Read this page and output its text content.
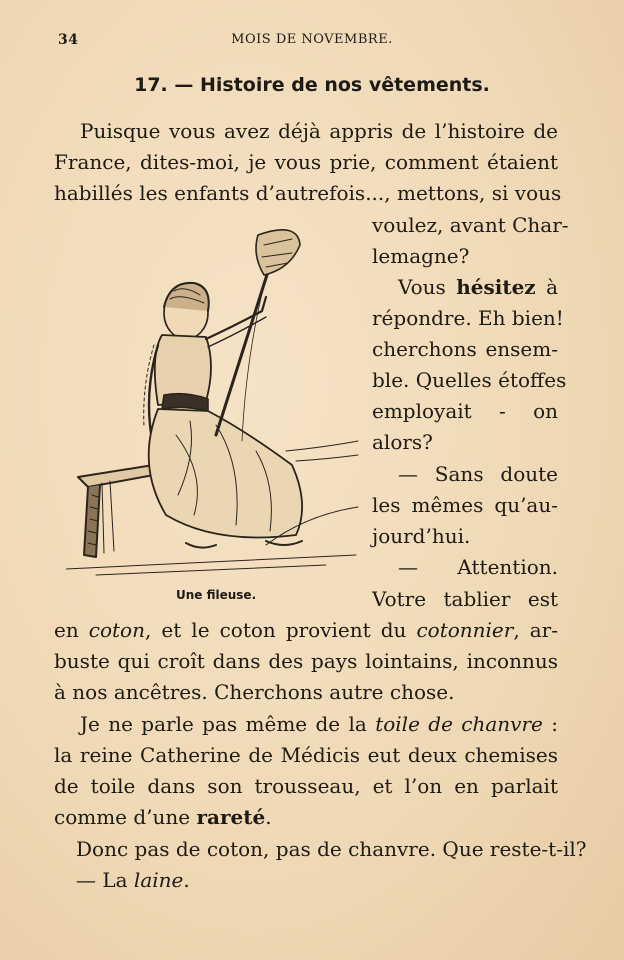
34	MOIS DE NOVEMBRE.
17. — Histoire de nos vêtements.
Puisque vous avez déjà appris de l’histoire de
France, dites-moi, je vous prie, comment étaient
habillés les enfants d’autrefois..., mettons, si vous
voulez, avant Char-
lemagne?
Vous hésitez à
répondre. Eh bien!
cherchons ensem-
ble. Quelles étoffes
employait - on
alors?
— Sans doute
les mêmes qu’au-
jourd’hui.
— Attention.
Votre tablier est
en coton, et le coton provient du cotonnier, ar-
buste qui croît dans des pays lointains, inconnus
à nos ancêtres. Cherchons autre chose.
Je ne parle pas même de la toile de chanvre :
la reine Catherine de Médicis eut deux chemises
de toile dans son trousseau, et l’on en parlait
comme d’une rareté.
Donc pas de coton, pas de chanvre. Que reste-t-il?
— La laine.
Une fileuse.
